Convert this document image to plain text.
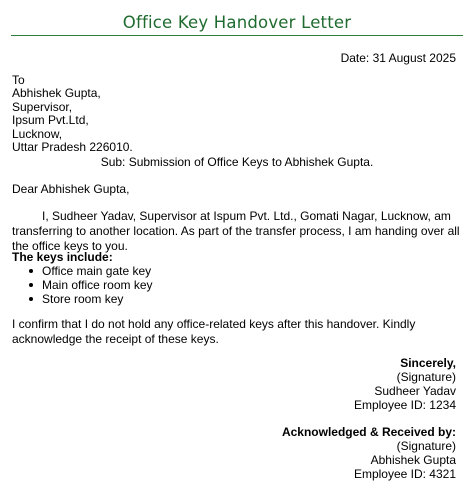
Office Key Handover Letter
Date: 31 August 2025
To
Abhishek Gupta,
Supervisor,
Ipsum Pvt.Ltd,
Lucknow,
Uttar Pradesh 226010.
Sub: Submission of Office Keys to Abhishek Gupta.
Dear Abhishek Gupta,
I, Sudheer Yadav, Supervisor at Ispum Pvt. Ltd., Gomati Nagar, Lucknow, am transferring to another location. As part of the transfer process, I am handing over all the office keys to you.
The keys include:
Office main gate key
Main office room key
Store room key
I confirm that I do not hold any office-related keys after this handover. Kindly acknowledge the receipt of these keys.
Sincerely,
(Signature)
Sudheer Yadav
Employee ID: 1234
Acknowledged & Received by:
(Signature)
Abhishek Gupta
Employee ID: 4321
